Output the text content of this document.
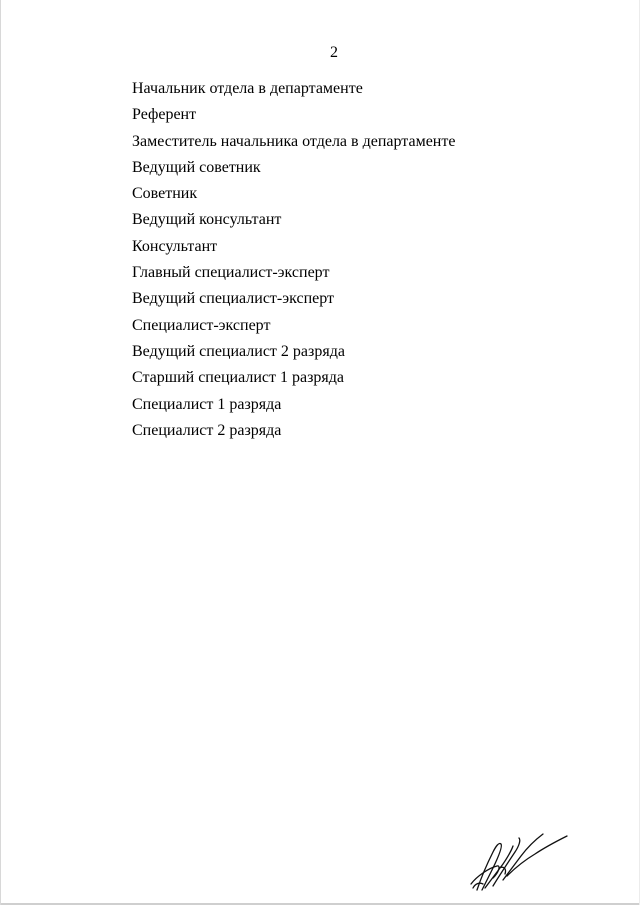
2

Начальник отдела в департаменте
Референт
Заместитель начальника отдела в департаменте
Ведущий советник
Советник
Ведущий консультант
Консультант
Главный специалист-эксперт
Ведущий специалист-эксперт
Специалист-эксперт
Ведущий специалист 2 разряда
Старший специалист 1 разряда
Специалист 1 разряда
Специалист 2 разряда
